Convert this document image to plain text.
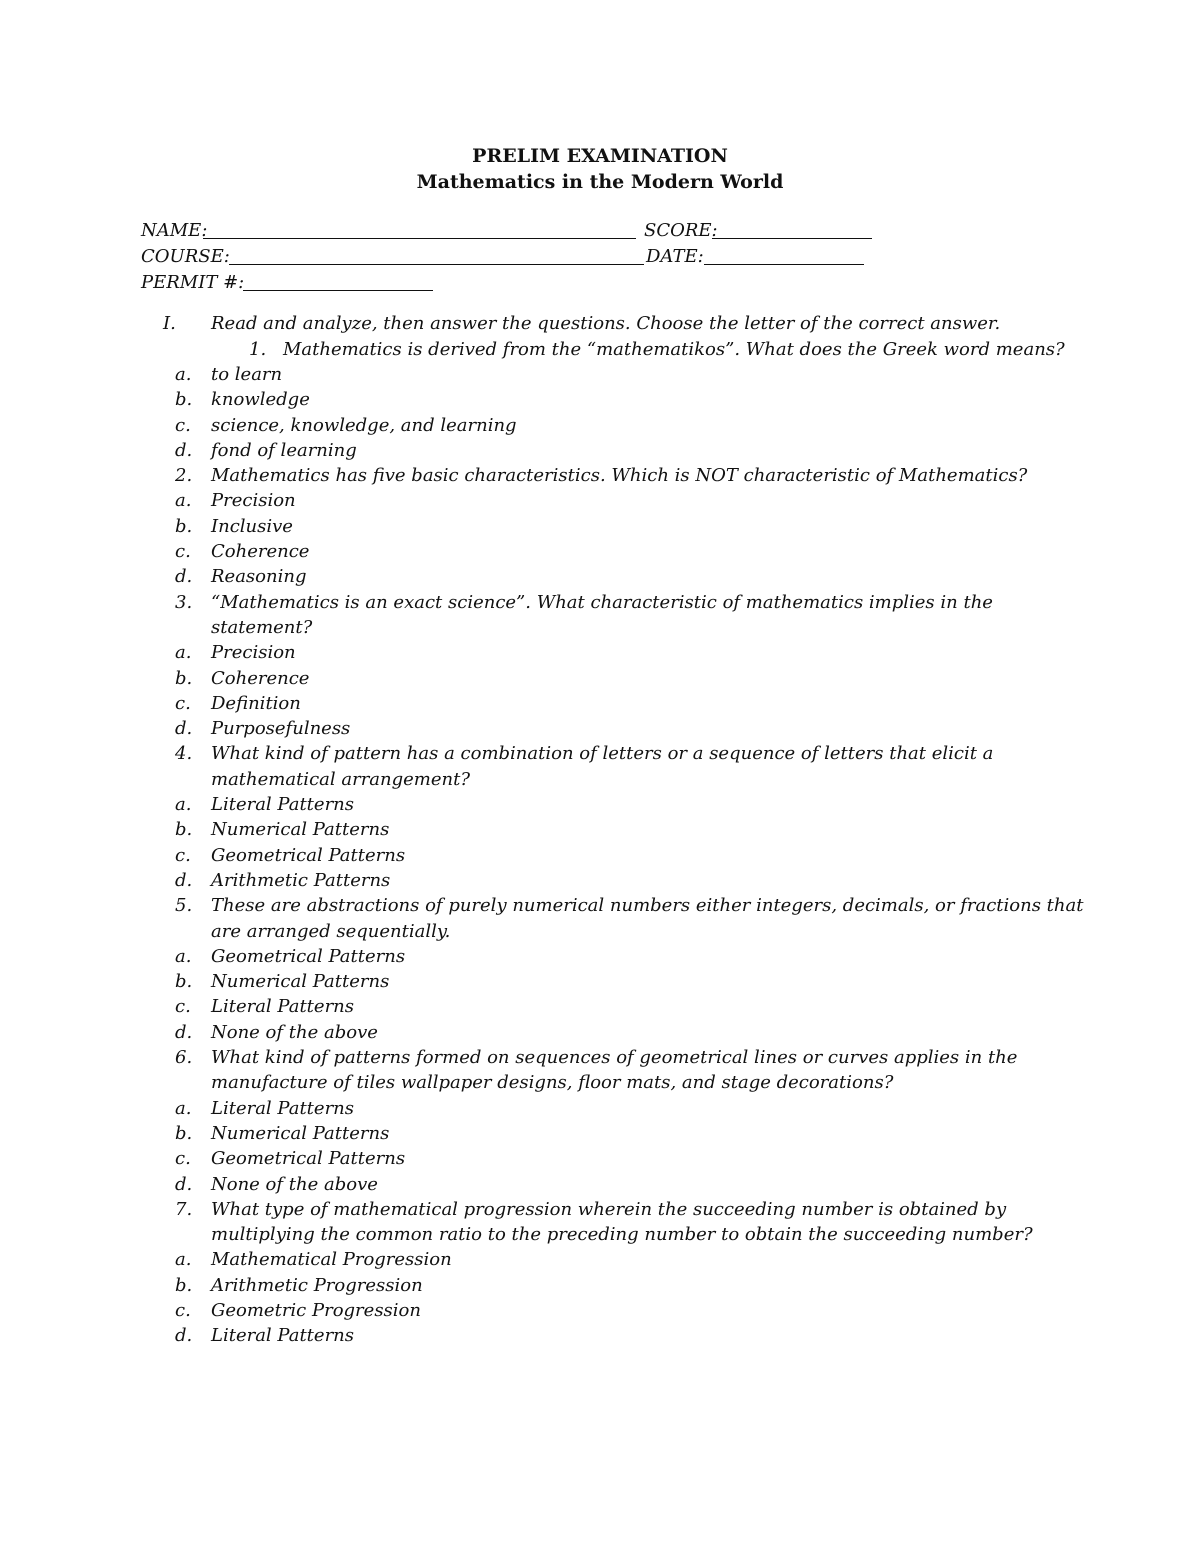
PRELIM EXAMINATION
Mathematics in the Modern World
NAME:	SCORE:
COURSE:	DATE:
PERMIT #:
I. Read and analyze, then answer the questions. Choose the letter of the correct answer.
1. Mathematics is derived from the “mathematikos”. What does the Greek word means?
a. to learn
b. knowledge
c. science, knowledge, and learning
d. fond of learning
2. Mathematics has five basic characteristics. Which is NOT characteristic of Mathematics?
a. Precision
b. Inclusive
c. Coherence
d. Reasoning
3. “Mathematics is an exact science”. What characteristic of mathematics implies in the
statement?
a. Precision
b. Coherence
c. Definition
d. Purposefulness
4. What kind of pattern has a combination of letters or a sequence of letters that elicit a
mathematical arrangement?
a. Literal Patterns
b. Numerical Patterns
c. Geometrical Patterns
d. Arithmetic Patterns
5. These are abstractions of purely numerical numbers either integers, decimals, or fractions that
are arranged sequentially.
a. Geometrical Patterns
b. Numerical Patterns
c. Literal Patterns
d. None of the above
6. What kind of patterns formed on sequences of geometrical lines or curves applies in the
manufacture of tiles wallpaper designs, floor mats, and stage decorations?
a. Literal Patterns
b. Numerical Patterns
c. Geometrical Patterns
d. None of the above
7. What type of mathematical progression wherein the succeeding number is obtained by
multiplying the common ratio to the preceding number to obtain the succeeding number?
a. Mathematical Progression
b. Arithmetic Progression
c. Geometric Progression
d. Literal Patterns
